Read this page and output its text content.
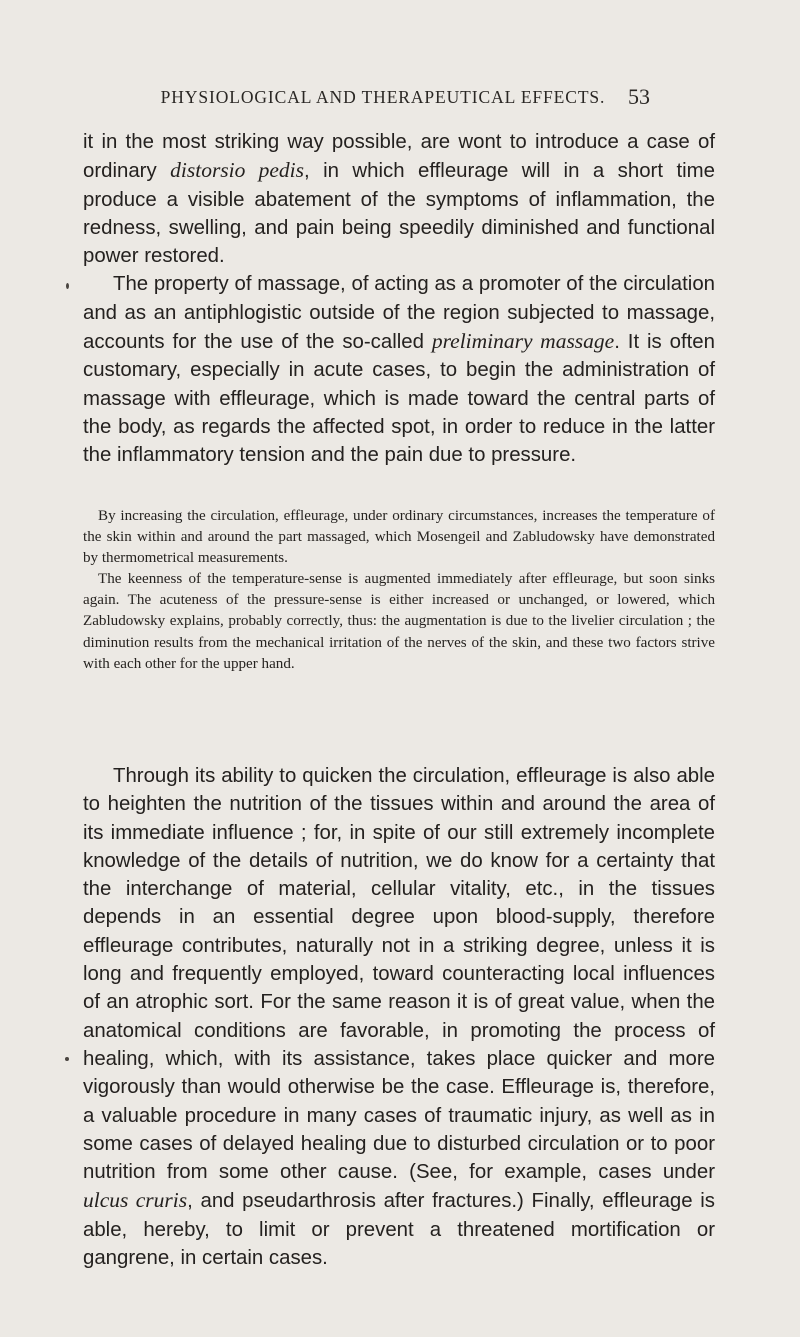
PHYSIOLOGICAL AND THERAPEUTICAL EFFECTS.	53

it in the most striking way possible, are wont to introduce a case of ordinary distorsio pedis, in which effleurage will in a short time produce a visible abatement of the symptoms of inflammation, the redness, swelling, and pain being speedily diminished and functional power restored.

The property of massage, of acting as a promoter of the circulation and as an antiphlogistic outside of the region subjected to massage, accounts for the use of the so-called preliminary massage. It is often customary, especially in acute cases, to begin the administration of massage with effleurage, which is made toward the central parts of the body, as regards the affected spot, in order to reduce in the latter the inflammatory tension and the pain due to pressure.

By increasing the circulation, effleurage, under ordinary circumstances, increases the temperature of the skin within and around the part massaged, which Mosengeil and Zabludowsky have demonstrated by thermometrical measurements.

The keenness of the temperature-sense is augmented immediately after effleurage, but soon sinks again. The acuteness of the pressure-sense is either increased or unchanged, or lowered, which Zabludowsky explains, probably correctly, thus: the augmentation is due to the livelier circulation ; the diminution results from the mechanical irritation of the nerves of the skin, and these two factors strive with each other for the upper hand.

Through its ability to quicken the circulation, effleurage is also able to heighten the nutrition of the tissues within and around the area of its immediate influence ; for, in spite of our still extremely incomplete knowledge of the details of nutrition, we do know for a certainty that the interchange of material, cellular vitality, etc., in the tissues depends in an essential degree upon blood-supply, therefore effleurage contributes, naturally not in a striking degree, unless it is long and frequently employed, toward counteracting local influences of an atrophic sort. For the same reason it is of great value, when the anatomical conditions are favorable, in promoting the process of healing, which, with its assistance, takes place quicker and more vigorously than would otherwise be the case. Effleurage is, therefore, a valuable procedure in many cases of traumatic injury, as well as in some cases of delayed healing due to disturbed circulation or to poor nutrition from some other cause. (See, for example, cases under ulcus cruris, and pseudarthrosis after fractures.) Finally, effleurage is able, hereby, to limit or prevent a threatened mortification or gangrene, in certain cases.
